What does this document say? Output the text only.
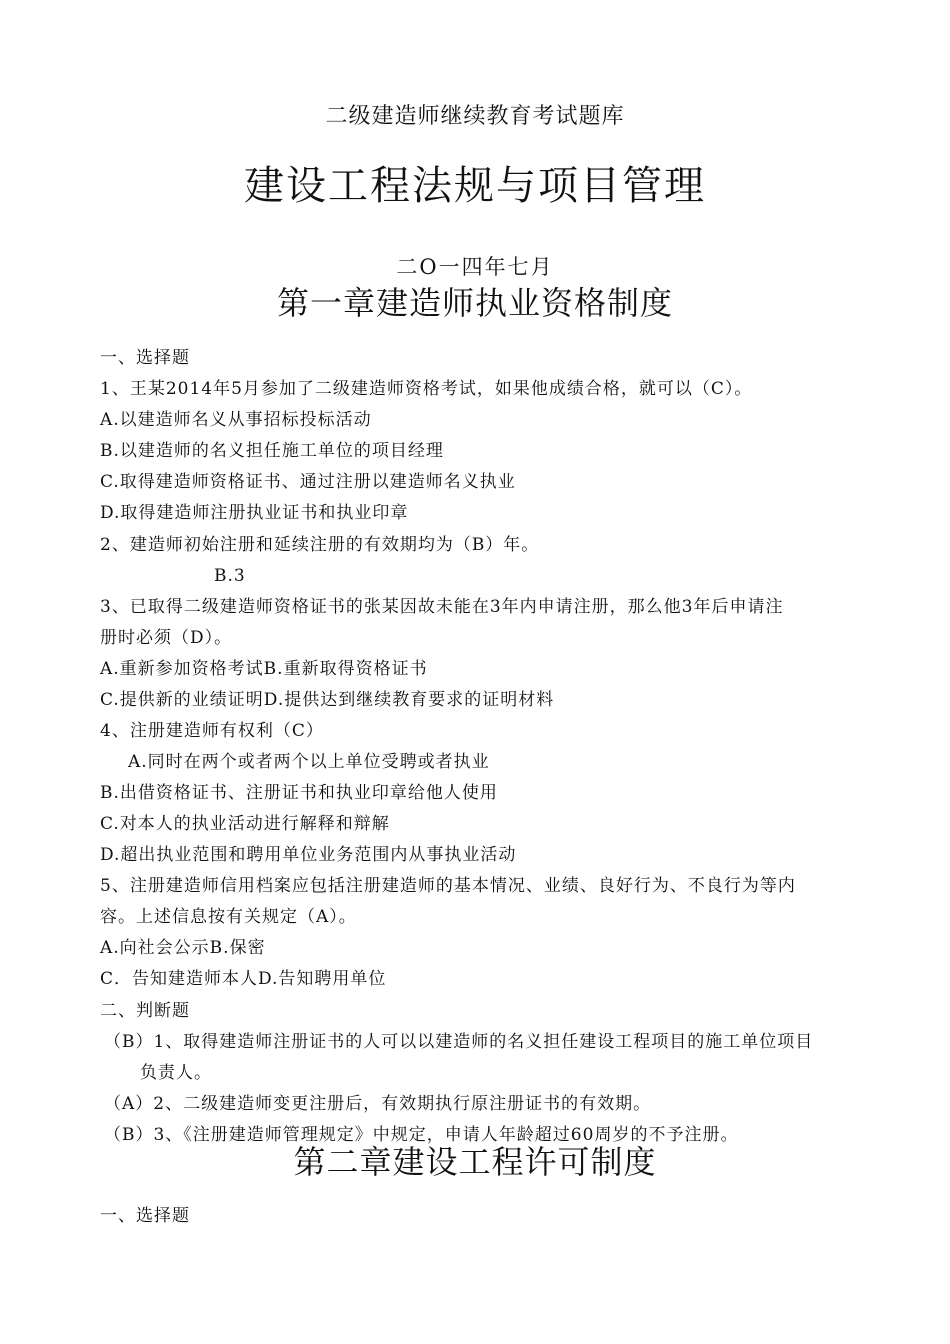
二级建造师继续教育考试题库
建设工程法规与项目管理
二O一四年七月
第一章建造师执业资格制度
一、选择题
1、王某2014年5月参加了二级建造师资格考试，如果他成绩合格，就可以（C）。
A.以建造师名义从事招标投标活动
B.以建造师的名义担任施工单位的项目经理
C.取得建造师资格证书、通过注册以建造师名义执业
D.取得建造师注册执业证书和执业印章
2、建造师初始注册和延续注册的有效期均为（B）年。
B.3
3、已取得二级建造师资格证书的张某因故未能在3年内申请注册，那么他3年后申请注
册时必须（D）。
A.重新参加资格考试B.重新取得资格证书
C.提供新的业绩证明D.提供达到继续教育要求的证明材料
4、注册建造师有权利（C）
A.同时在两个或者两个以上单位受聘或者执业
B.出借资格证书、注册证书和执业印章给他人使用
C.对本人的执业活动进行解释和辩解
D.超出执业范围和聘用单位业务范围内从事执业活动
5、注册建造师信用档案应包括注册建造师的基本情况、业绩、良好行为、不良行为等内
容。上述信息按有关规定（A）。
A.向社会公示B.保密
C．告知建造师本人D.告知聘用单位
二、判断题
（B）1、取得建造师注册证书的人可以以建造师的名义担任建设工程项目的施工单位项目
负责人。
（A）2、二级建造师变更注册后，有效期执行原注册证书的有效期。
（B）3、《注册建造师管理规定》中规定，申请人年龄超过60周岁的不予注册。
第二章建设工程许可制度
一、选择题
